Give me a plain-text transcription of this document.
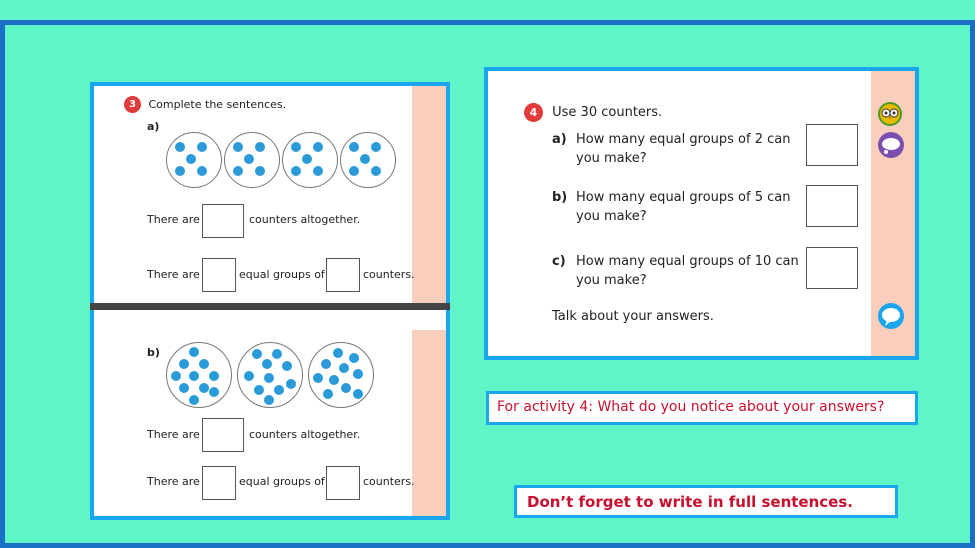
3 Complete the sentences.
a)
There are	counters altogether.
There are	equal groups of	counters.
b)
There are	counters altogether.
There are	equal groups of	counters.
4 Use 30 counters.
a) How many equal groups of 2 can
you make?
b) How many equal groups of 5 can
you make?
c) How many equal groups of 10 can
you make?
Talk about your answers.
For activity 4: What do you notice about your answers?
Don’t forget to write in full sentences.
